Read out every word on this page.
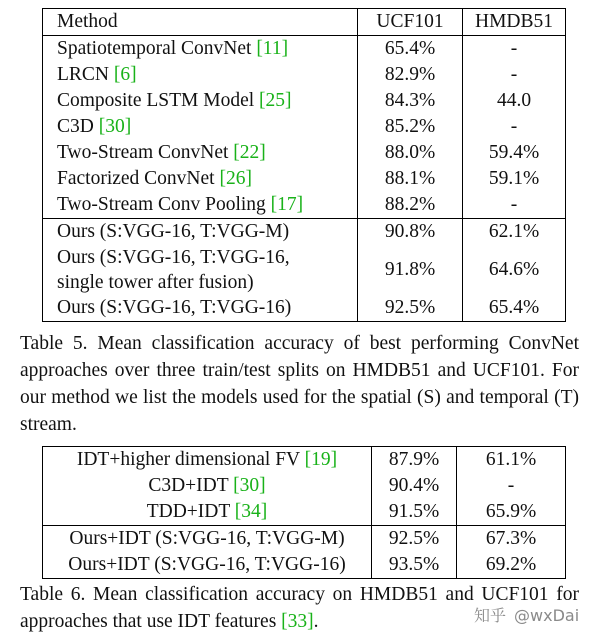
Method	UCF101	HMDB51
Spatiotemporal ConvNet [11]	65.4%	-
LRCN [6]	82.9%	-
Composite LSTM Model [25]	84.3%	44.0
C3D [30]	85.2%	-
Two-Stream ConvNet [22]	88.0%	59.4%
Factorized ConvNet [26]	88.1%	59.1%
Two-Stream Conv Pooling [17]	88.2%	-
Ours (S:VGG-16, T:VGG-M)	90.8%	62.1%

Ours (S:VGG-16, T:VGG-16,
single tower after fusion)	91.8%	64.6%
Ours (S:VGG-16, T:VGG-16)	92.5%	65.4%
Table 5. Mean classification accuracy of best performing ConvNet approaches over three train/test splits on HMDB51 and UCF101. For our method we list the models used for the spatial (S) and temporal (T) stream.
IDT+higher dimensional FV [19]	87.9%	61.1%
C3D+IDT [30]	90.4%	-
TDD+IDT [34]	91.5%	65.9%
Ours+IDT (S:VGG-16, T:VGG-M)	92.5%	67.3%
Ours+IDT (S:VGG-16, T:VGG-16)	93.5%	69.2%
Table 6. Mean classification accuracy on HMDB51 and UCF101 for approaches that use IDT features [33].	知乎 @wxDai
